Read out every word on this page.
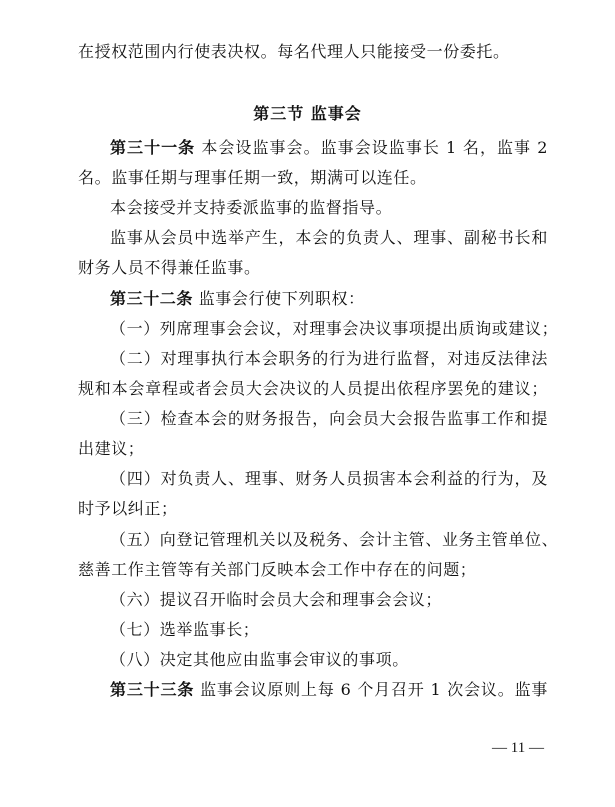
在授权范围内行使表决权。每名代理人只能接受一份委托。
第三节 监事会
第三十一条 本会设监事会。监事会设监事长 1 名，监事 2
名。监事任期与理事任期一致，期满可以连任。
本会接受并支持委派监事的监督指导。
监事从会员中选举产生，本会的负责人、理事、副秘书长和
财务人员不得兼任监事。
第三十二条 监事会行使下列职权：
（一）列席理事会会议，对理事会决议事项提出质询或建议；
（二）对理事执行本会职务的行为进行监督，对违反法律法
规和本会章程或者会员大会决议的人员提出依程序罢免的建议；
（三）检查本会的财务报告，向会员大会报告监事工作和提
出建议；
（四）对负责人、理事、财务人员损害本会利益的行为，及
时予以纠正；
（五）向登记管理机关以及税务、会计主管、业务主管单位、
慈善工作主管等有关部门反映本会工作中存在的问题；
（六）提议召开临时会员大会和理事会会议；
（七）选举监事长；
（八）决定其他应由监事会审议的事项。
第三十三条 监事会议原则上每 6 个月召开 1 次会议。监事
— 11 —
